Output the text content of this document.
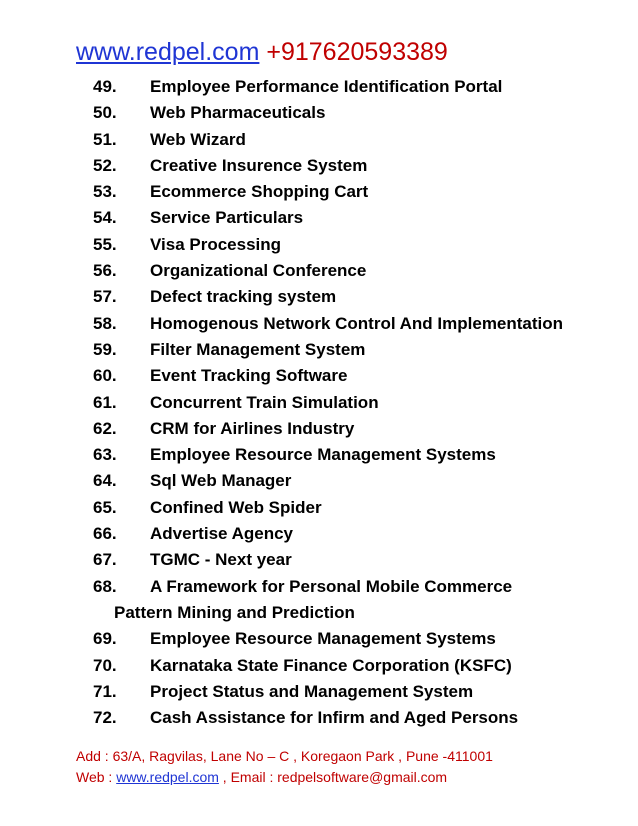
www.redpel.com +917620593389
49.	Employee Performance Identification Portal
50.	Web Pharmaceuticals
51.	Web Wizard
52.	Creative Insurence System
53.	Ecommerce Shopping Cart
54.	Service Particulars
55.	Visa Processing
56.	Organizational Conference
57.	Defect tracking system
58.	Homogenous Network Control And Implementation
59.	Filter Management System
60.	Event Tracking Software
61.	Concurrent Train Simulation
62.	CRM for Airlines Industry
63.	Employee Resource Management Systems
64.	Sql Web Manager
65.	Confined Web Spider
66.	Advertise Agency
67.	TGMC - Next year
68.	A Framework for Personal Mobile Commerce
Pattern Mining and Prediction
69.	Employee Resource Management Systems
70.	Karnataka State Finance Corporation (KSFC)
71.	Project Status and Management System
72.	Cash Assistance for Infirm and Aged Persons
Add : 63/A, Ragvilas, Lane No – C , Koregaon Park , Pune -411001
Web : www.redpel.com , Email : redpelsoftware@gmail.com
